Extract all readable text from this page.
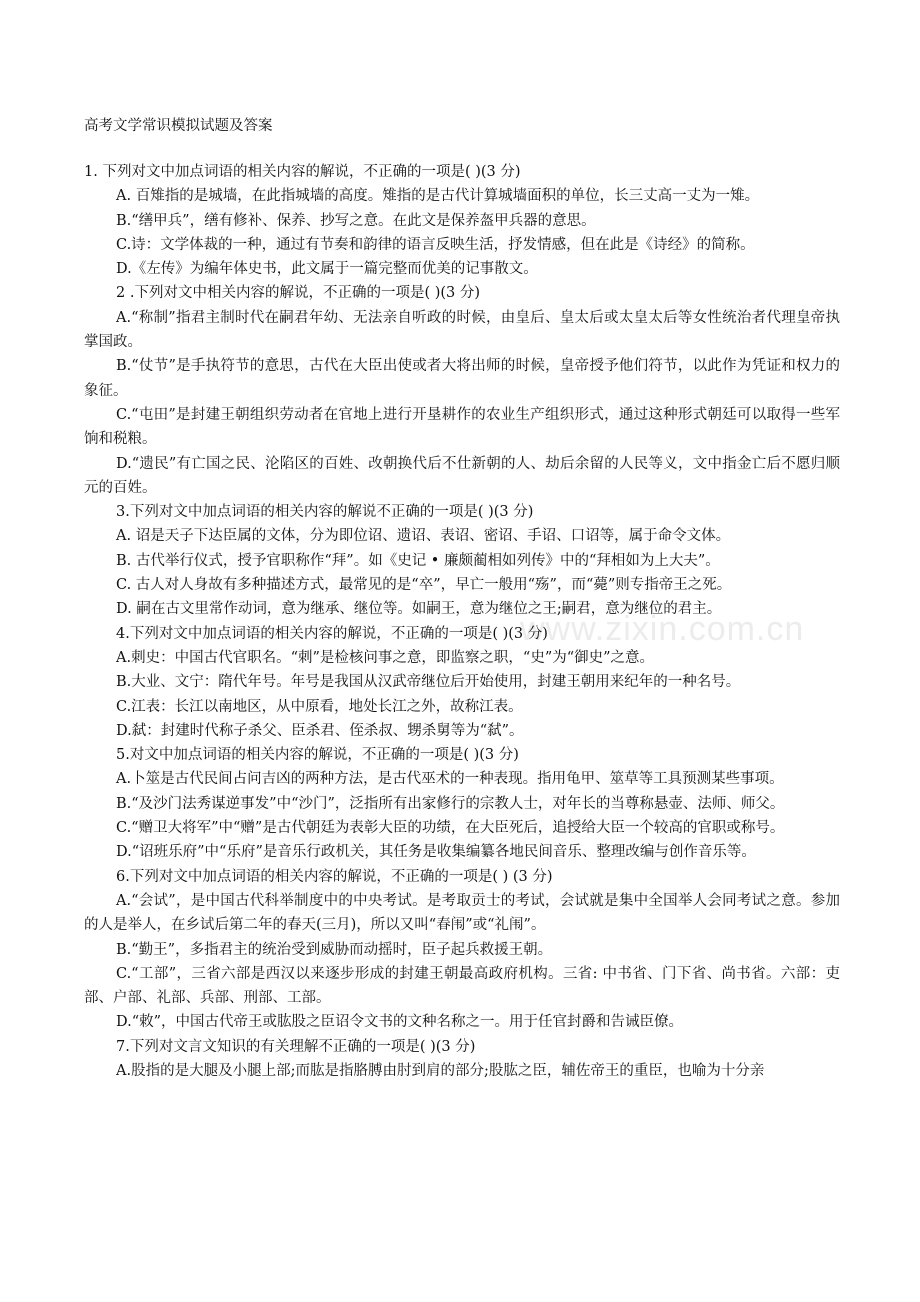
www.zixin.com.cn
高考文学常识模拟试题及答案

1. 下列对文中加点词语的相关内容的解说，不正确的一项是( )(3 分)

A. 百雉指的是城墙，在此指城墙的高度。雉指的是古代计算城墙面积的单位，长三丈高一丈为一雉。

B.“缮甲兵”，缮有修补、保养、抄写之意。在此文是保养盔甲兵器的意思。

C.诗：文学体裁的一种，通过有节奏和韵律的语言反映生活，抒发情感，但在此是《诗经》的简称。

D.《左传》为编年体史书，此文属于一篇完整而优美的记事散文。

2 .下列对文中相关内容的解说，不正确的一项是( )(3 分)

A.“称制”指君主制时代在嗣君年幼、无法亲自听政的时候，由皇后、皇太后或太皇太后等女性统治者代理皇帝执掌国政。

B.“仗节”是手执符节的意思，古代在大臣出使或者大将出师的时候，皇帝授予他们符节，以此作为凭证和权力的象征。

C.“屯田”是封建王朝组织劳动者在官地上进行开垦耕作的农业生产组织形式，通过这种形式朝廷可以取得一些军饷和税粮。

D.“遗民”有亡国之民、沦陷区的百姓、改朝换代后不仕新朝的人、劫后余留的人民等义，文中指金亡后不愿归顺元的百姓。

3.下列对文中加点词语的相关内容的解说不正确的一项是( )(3 分)

A. 诏是天子下达臣属的文体，分为即位诏、遗诏、表诏、密诏、手诏、口诏等，属于命令文体。

B. 古代举行仪式，授予官职称作“拜”。如《史记 • 廉颇蔺相如列传》中的“拜相如为上大夫”。

C. 古人对人身故有多种描述方式，最常见的是“卒”，早亡一般用“殇”，而“薨”则专指帝王之死。

D. 嗣在古文里常作动词，意为继承、继位等。如嗣王，意为继位之王;嗣君，意为继位的君主。

4.下列对文中加点词语的相关内容的解说，不正确的一项是( )(3 分)

A.刺史：中国古代官职名。“刺”是检核问事之意，即监察之职，“史”为“御史”之意。

B.大业、文宁：隋代年号。年号是我国从汉武帝继位后开始使用，封建王朝用来纪年的一种名号。

C.江表：长江以南地区，从中原看，地处长江之外，故称江表。

D.弑：封建时代称子杀父、臣杀君、侄杀叔、甥杀舅等为“弑”。

5.对文中加点词语的相关内容的解说，不正确的一项是( )(3 分)

A.卜筮是古代民间占问吉凶的两种方法，是古代巫术的一种表现。指用龟甲、筮草等工具预测某些事项。

B.“及沙门法秀谋逆事发”中“沙门”，泛指所有出家修行的宗教人士，对年长的当尊称悬壶、法师、师父。

C.“赠卫大将军”中“赠”是古代朝廷为表彰大臣的功绩，在大臣死后，追授给大臣一个较高的官职或称号。

D.“诏班乐府”中“乐府”是音乐行政机关，其任务是收集编纂各地民间音乐、整理改编与创作音乐等。

6.下列对文中加点词语的相关内容的解说，不正确的一项是( ) (3 分)

A.“会试”，是中国古代科举制度中的中央考试。是考取贡士的考试，会试就是集中全国举人会同考试之意。参加的人是举人，在乡试后第二年的春天(三月)，所以又叫“春闱”或“礼闱”。

B.“勤王”，多指君主的统治受到威胁而动摇时，臣子起兵救援王朝。

C.“工部”，三省六部是西汉以来逐步形成的封建王朝最高政府机构。三省: 中书省、门下省、尚书省。六部：吏部、户部、礼部、兵部、刑部、工部。

D.“敕”，中国古代帝王或肱股之臣诏令文书的文种名称之一。用于任官封爵和告诫臣僚。

7.下列对文言文知识的有关理解不正确的一项是( )(3 分)

A.股指的是大腿及小腿上部;而肱是指胳膊由肘到肩的部分;股肱之臣，辅佐帝王的重臣，也喻为十分亲
